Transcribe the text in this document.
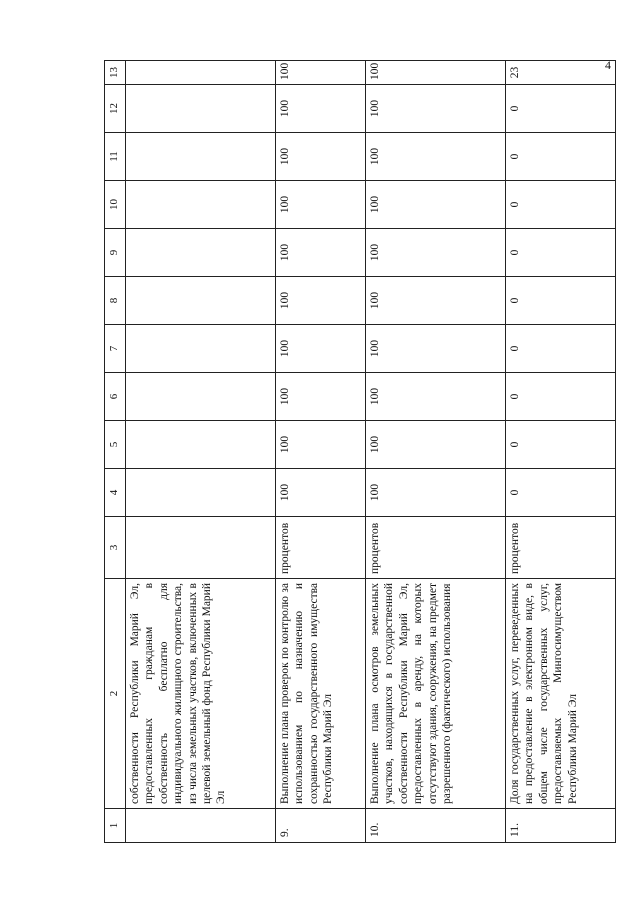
4
1	2	3	4	5	6	7	8	9	10	11	12	13
	собственности Республики Марий Эл, предоставленных гражданам в собственность бесплатно для индивидуального жилищного строительства, из числа земельных участков, включенных в целевой земельный фонд Республики Марий Эл											
9.	Выполнение плана проверок по контролю за использованием по назначению и сохранностью государственного имущества Республики Марий Эл	процентов	100	100	100	100	100	100	100	100	100	100
10.	Выполнение плана осмотров земельных участков, находящихся в государственной собственности Республики Марий Эл, предоставленных в аренду, на которых отсутствуют здания, сооружения, на предмет разрешенного (фактического) использования	процентов	100	100	100	100	100	100	100	100	100	100
11.	Доля государственных услуг, переведенных на предоставление в электронном виде, в общем числе государственных услуг, предоставляемых Мингосимуществом Республики Марий Эл	процентов	0	0	0	0	0	0	0	0	0	23
